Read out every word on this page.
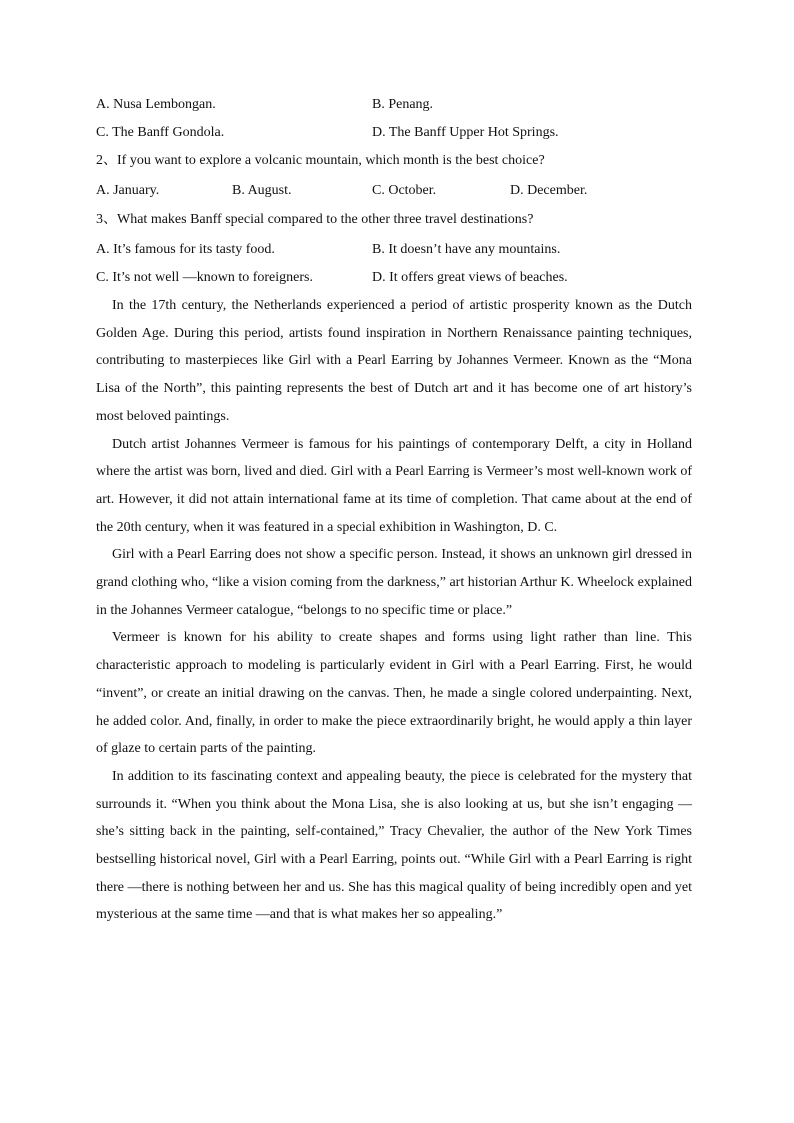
A. Nusa Lembongan.	B. Penang.
C. The Banff Gondola.	D. The Banff Upper Hot Springs.
2、If you want to explore a volcanic mountain, which month is the best choice?
A. January.	B. August.	C. October.	D. December.
3、What makes Banff special compared to the other three travel destinations?
A. It’s famous for its tasty food.	B. It doesn’t have any mountains.
C. It’s not well —known to foreigners.	D. It offers great views of beaches.
In the 17th century, the Netherlands experienced a period of artistic prosperity known as the Dutch Golden Age. During this period, artists found inspiration in Northern Renaissance painting techniques, contributing to masterpieces like Girl with a Pearl Earring by Johannes Vermeer. Known as the “Mona Lisa of the North”, this painting represents the best of Dutch art and it has become one of art history’s most beloved paintings.
Dutch artist Johannes Vermeer is famous for his paintings of contemporary Delft, a city in Holland where the artist was born, lived and died. Girl with a Pearl Earring is Vermeer’s most well-known work of art. However, it did not attain international fame at its time of completion. That came about at the end of the 20th century, when it was featured in a special exhibition in Washington, D. C.
Girl with a Pearl Earring does not show a specific person. Instead, it shows an unknown girl dressed in grand clothing who, “like a vision coming from the darkness,” art historian Arthur K. Wheelock explained in the Johannes Vermeer catalogue, “belongs to no specific time or place.”
Vermeer is known for his ability to create shapes and forms using light rather than line. This characteristic approach to modeling is particularly evident in Girl with a Pearl Earring. First, he would “invent”, or create an initial drawing on the canvas. Then, he made a single colored underpainting. Next, he added color. And, finally, in order to make the piece extraordinarily bright, he would apply a thin layer of glaze to certain parts of the painting.
In addition to its fascinating context and appealing beauty, the piece is celebrated for the mystery that surrounds it. “When you think about the Mona Lisa, she is also looking at us, but she isn’t engaging —she’s sitting back in the painting, self-contained,” Tracy Chevalier, the author of the New York Times bestselling historical novel, Girl with a Pearl Earring, points out. “While Girl with a Pearl Earring is right there —there is nothing between her and us. She has this magical quality of being incredibly open and yet mysterious at the same time —and that is what makes her so appealing.”
